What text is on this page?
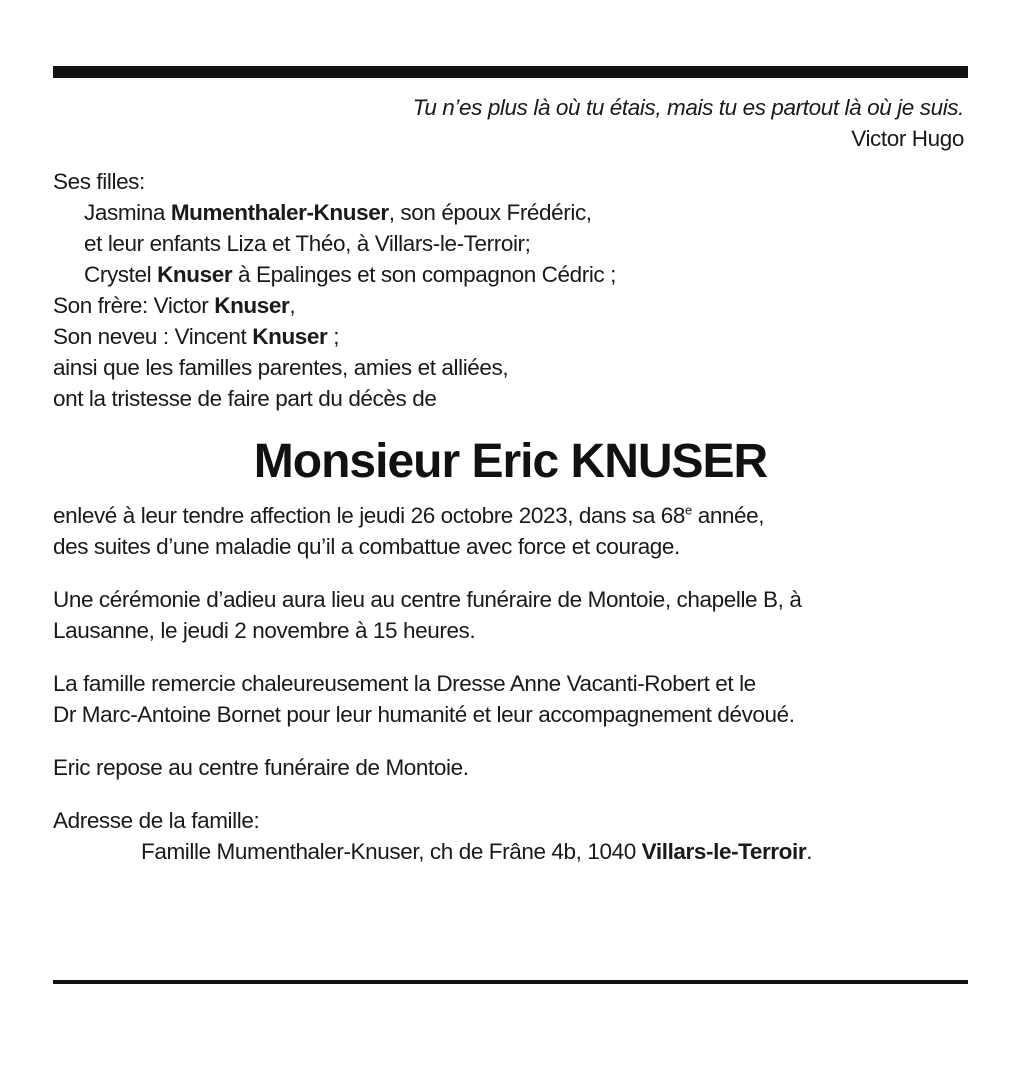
Tu n’es plus là où tu étais, mais tu es partout là où je suis.
Victor Hugo
Ses filles:
Jasmina Mumenthaler-Knuser, son époux Frédéric,
et leur enfants Liza et Théo, à Villars-le-Terroir;
Crystel Knuser à Epalinges et son compagnon Cédric ;
Son frère: Victor Knuser,
Son neveu : Vincent Knuser ;
ainsi que les familles parentes, amies et alliées,
ont la tristesse de faire part du décès de
Monsieur Eric KNUSER
enlevé à leur tendre affection le jeudi 26 octobre 2023, dans sa 68e année,
des suites d’une maladie qu’il a combattue avec force et courage.
Une cérémonie d’adieu aura lieu au centre funéraire de Montoie, chapelle B, à
Lausanne, le jeudi 2 novembre à 15 heures.
La famille remercie chaleureusement la Dresse Anne Vacanti-Robert et le
Dr Marc-Antoine Bornet pour leur humanité et leur accompagnement dévoué.
Eric repose au centre funéraire de Montoie.
Adresse de la famille:
Famille Mumenthaler-Knuser, ch de Frâne 4b, 1040 Villars-le-Terroir.
